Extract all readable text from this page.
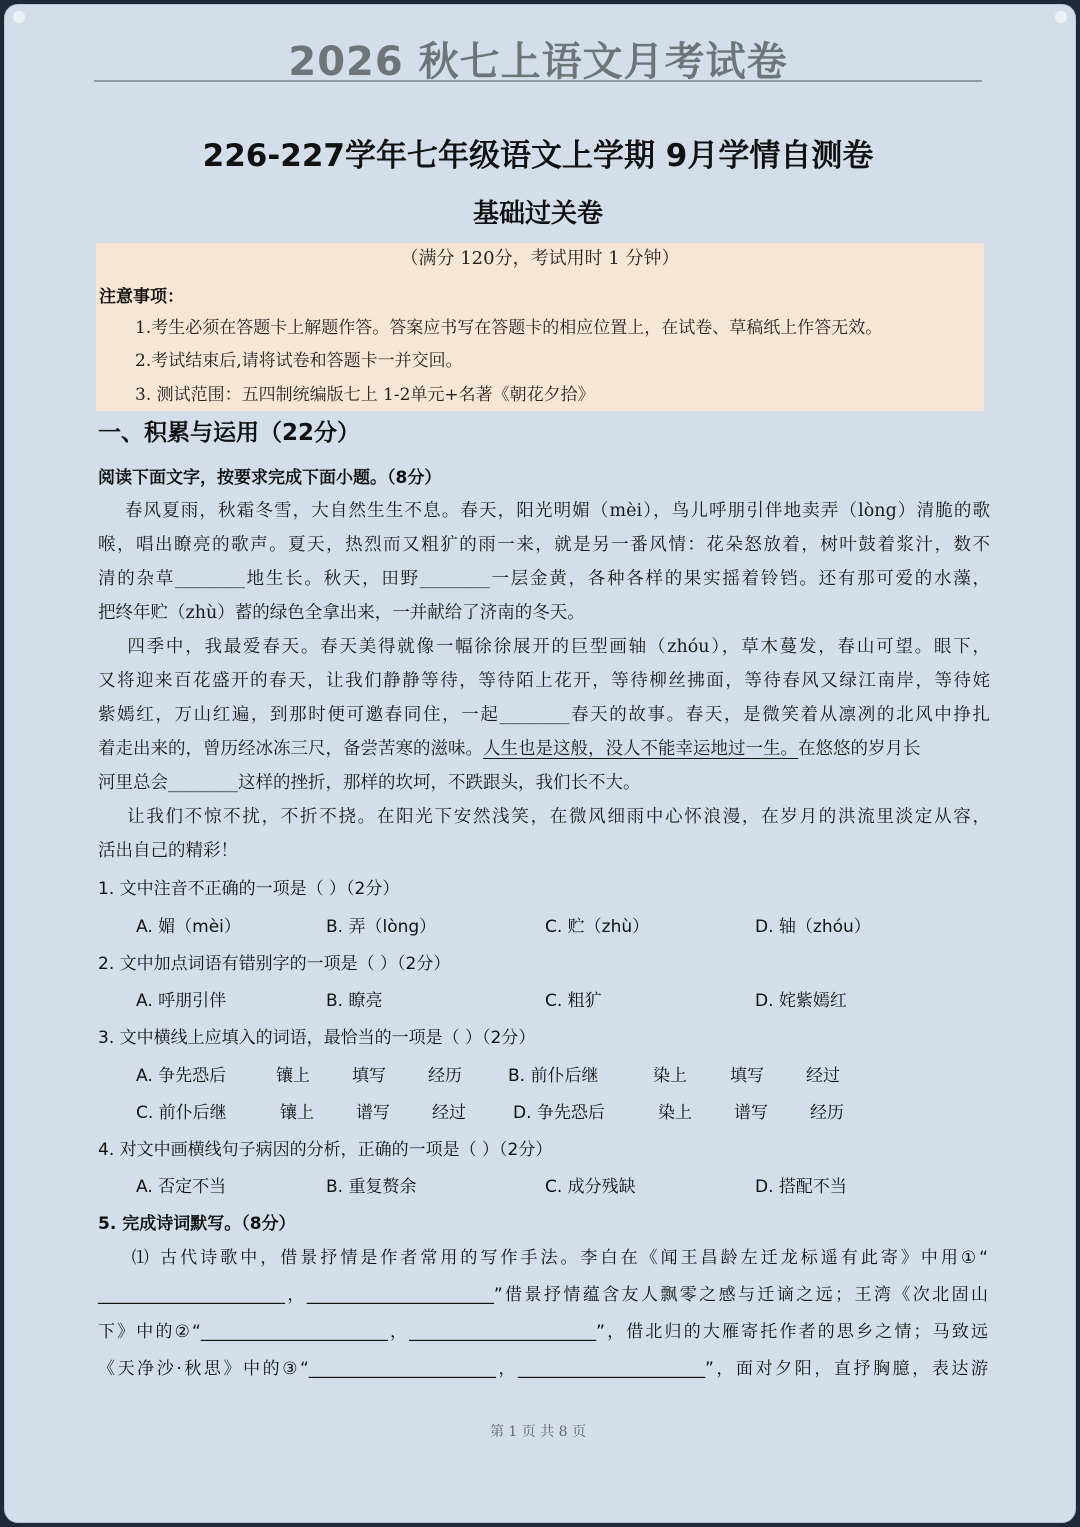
2026 秋七上语文月考试卷
226-227学年七年级语文上学期 9月学情自测卷
基础过关卷
（满分 120分，考试用时 1 分钟）
注意事项：
1.考生必须在答题卡上解题作答。答案应书写在答题卡的相应位置上，在试卷、草稿纸上作答无效。
2.考试结束后,请将试卷和答题卡一并交回。
3. 测试范围：五四制统编版七上 1-2单元+名著《朝花夕拾》
一、积累与运用（22分）
阅读下面文字，按要求完成下面小题。（8分）
春风夏雨，秋霜冬雪，大自然生生不息。春天，阳光明媚（mèi），鸟儿呼朋引伴地卖弄（lòng）清脆的歌
喉，唱出瞭亮的歌声。夏天，热烈而又粗犷的雨一来，就是另一番风情：花朵怒放着，树叶鼓着浆汁，数不
清的杂草________地生长。秋天，田野________一层金黄，各种各样的果实摇着铃铛。还有那可爱的水藻，
把终年贮（zhù）蓄的绿色全拿出来，一并献给了济南的冬天。
四季中，我最爱春天。春天美得就像一幅徐徐展开的巨型画轴（zhóu），草木蔓发，春山可望。眼下，
又将迎来百花盛开的春天，让我们静静等待，等待陌上花开，等待柳丝拂面，等待春风又绿江南岸，等待姹
紫嫣红，万山红遍，到那时便可邀春同住，一起________春天的故事。春天，是微笑着从凛冽的北风中挣扎
着走出来的，曾历经冰冻三尺，备尝苦寒的滋味。人生也是这般，没人不能幸运地过一生。在悠悠的岁月长
河里总会________这样的挫折，那样的坎坷，不跌跟头，我们长不大。
让我们不惊不扰，不折不挠。在阳光下安然浅笑，在微风细雨中心怀浪漫，在岁月的洪流里淡定从容，
活出自己的精彩！
1. 文中注音不正确的一项是（ ）（2分）
A. 媚（mèi）	B. 弄（lòng）	C. 贮（zhù）	D. 轴（zhóu）
2. 文中加点词语有错别字的一项是（ ）（2分）
A. 呼朋引伴	B. 瞭亮	C. 粗犷	D. 姹紫嫣红
3. 文中横线上应填入的词语，最恰当的一项是（ ）（2分）
A. 争先恐后	镶上 填写 经历	B. 前仆后继	染上	填写 经过
C. 前仆后继	镶上 谱写 经过	D. 争先恐后	染上 谱写 经历
4. 对文中画横线句子病因的分析，正确的一项是（ ）（2分）
A. 否定不当	B. 重复赘余	C. 成分残缺	D. 搭配不当
5. 完成诗词默写。（8分）
⑴ 古代诗歌中，借景抒情是作者常用的写作手法。李白在《闻王昌龄左迁龙标遥有此寄》中用①“
______________________，______________________”借景抒情蕴含友人飘零之感与迁谪之远；王湾《次北固山
下》中的②“______________________，______________________”，借北归的大雁寄托作者的思乡之情；马致远
《天净沙·秋思》中的③“______________________，______________________”，面对夕阳，直抒胸臆，表达游
第 1 页 共 8 页
